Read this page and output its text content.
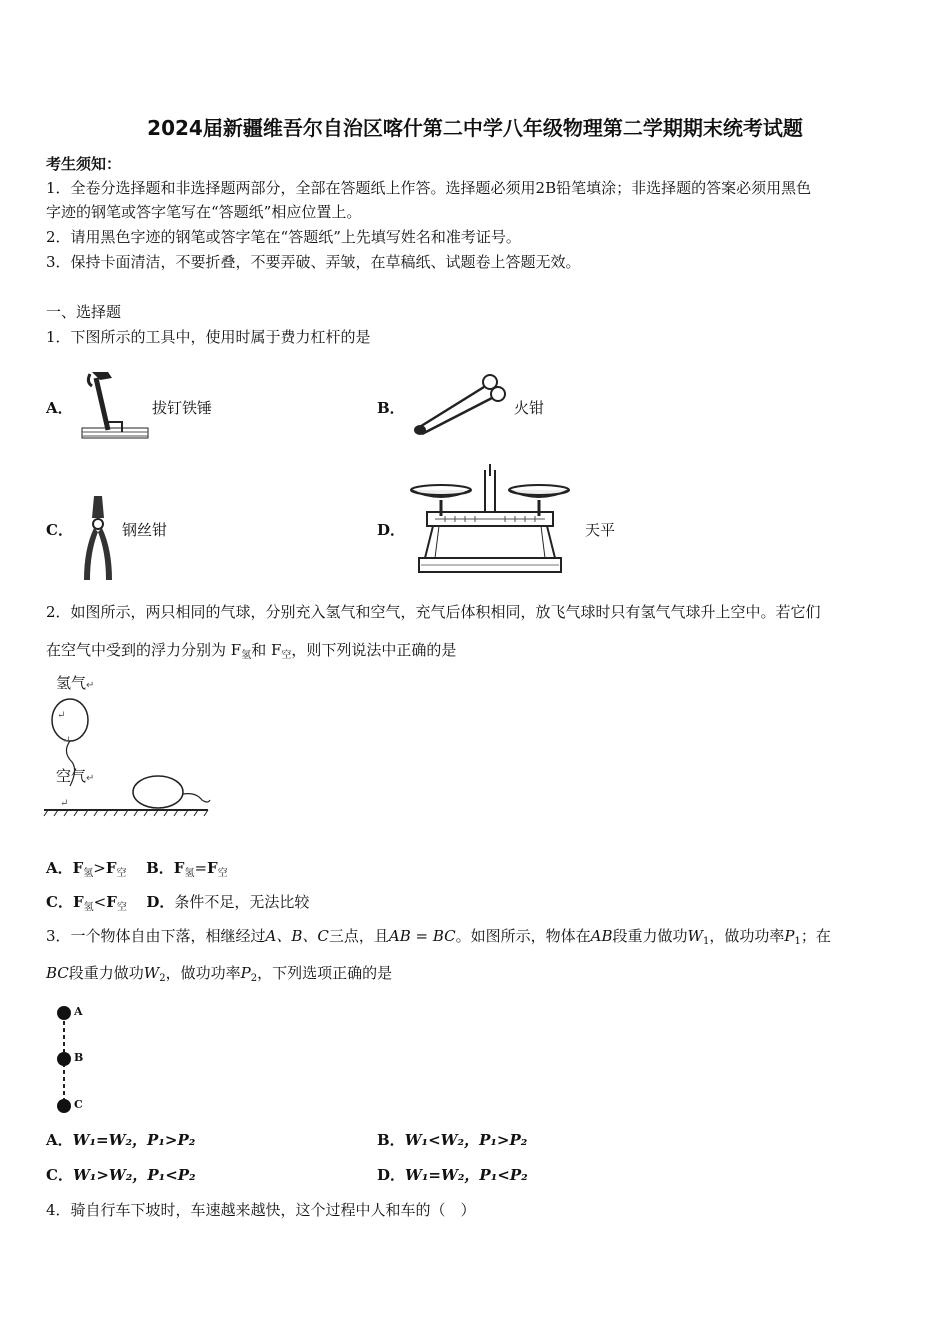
2024届新疆维吾尔自治区喀什第二中学八年级物理第二学期期末统考试题
考生须知：
1．全卷分选择题和非选择题两部分，全部在答题纸上作答。选择题必须用2B铅笔填涂；非选择题的答案必须用黑色
字迹的钢笔或答字笔写在“答题纸”相应位置上。
2．请用黑色字迹的钢笔或答字笔在“答题纸”上先填写姓名和准考证号。
3．保持卡面清洁，不要折叠，不要弄破、弄皱，在草稿纸、试题卷上答题无效。
一、选择题
1．下图所示的工具中，使用时属于费力杠杆的是
A．	拔钉铁锤	B．	火钳
C．	钢丝钳	D．	天平
2．如图所示，两只相同的气球，分别充入氢气和空气，充气后体积相同，放飞气球时只有氢气气球升上空中。若它们
在空气中受到的浮力分别为 $F_氢$和 $F_空$，则下列说法中正确的是
氢气↵
空气↵
↵
↵
↵
A．$F_氢>F_空$ B．$F_氢=F_空$
C．$F_氢<F_空$ D．条件不足，无法比较
3．一个物体自由下落，相继经过A、B、C三点，且AB = BC。如图所示，物体在AB段重力做功$W_1$，做功功率$P_1$；在
BC段重力做功$W_2$，做功功率$P_2$，下列选项正确的是
A
B
C
A．W₁=W₂，P₁>P₂	B．W₁<W₂，P₁>P₂
C．W₁>W₂，P₁<P₂	D．W₁=W₂，P₁<P₂
4．骑自行车下坡时，车速越来越快，这个过程中人和车的（　）
